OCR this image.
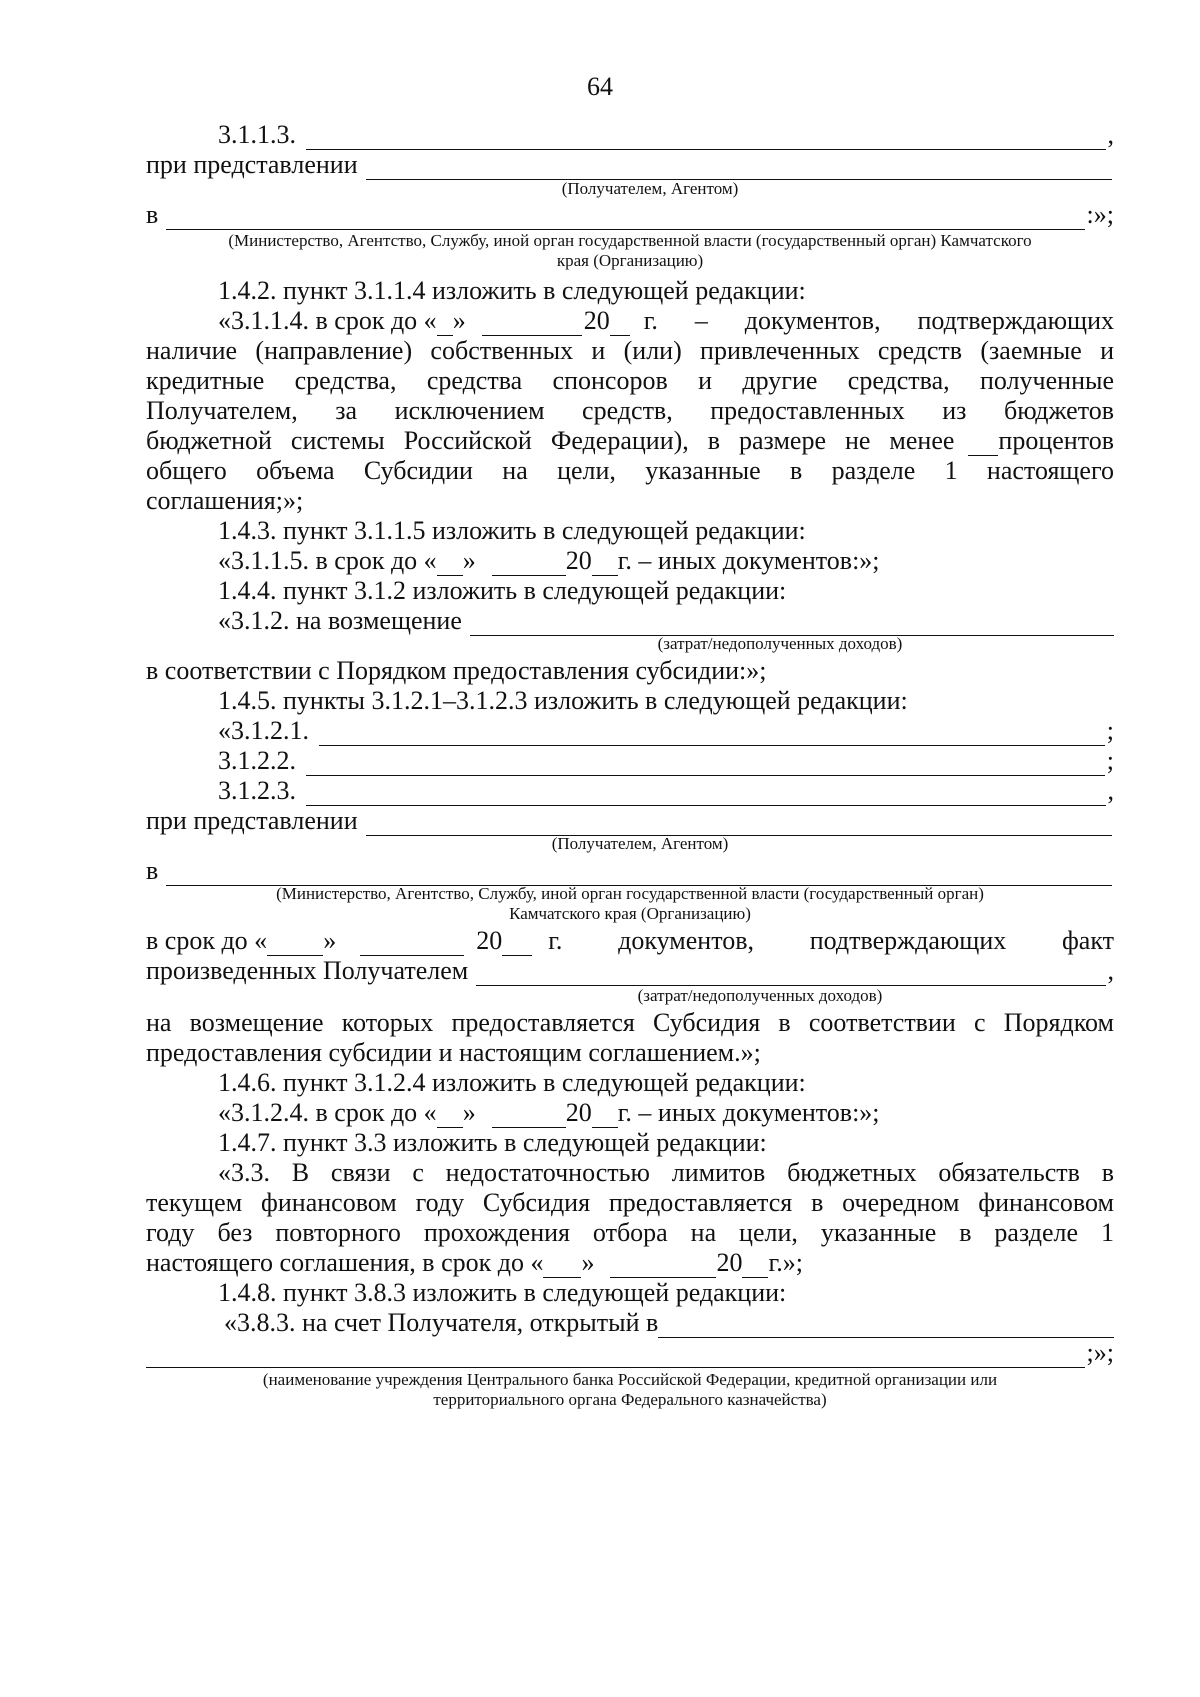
64
3.1.1.3.	,
при представлении
(Получателем, Агентом)
в	:»;
(Министерство, Агентство, Службу, иной орган государственной власти (государственный орган) Камчатского
края (Организацию)
1.4.2. пункт 3.1.1.4 изложить в следующей редакции:
«3.1.1.4. в срок до « »	20 г. – документов, подтверждающих
наличие (направление) собственных и (или) привлеченных средств (заемные и
кредитные средства, средства спонсоров и другие средства, полученные
Получателем, за исключением средств, предоставленных из бюджетов
бюджетной системы Российской Федерации), в размере не менее процентов
общего объема Субсидии на цели, указанные в разделе 1 настоящего
соглашения;»;
1.4.3. пункт 3.1.1.5 изложить в следующей редакции:
«3.1.1.5. в срок до « »	20 г. – иных документов:»;
1.4.4. пункт 3.1.2 изложить в следующей редакции:
«3.1.2. на возмещение
(затрат/недополученных доходов)
в соответствии с Порядком предоставления субсидии:»;
1.4.5. пункты 3.1.2.1–3.1.2.3 изложить в следующей редакции:
«3.1.2.1.	;
3.1.2.2.	;
3.1.2.3.	,
при представлении
(Получателем, Агентом)
в
(Министерство, Агентство, Службу, иной орган государственной власти (государственный орган)
Камчатского края (Организацию)
в срок до « »	20 г. документов, подтверждающих факт
произведенных Получателем	,
(затрат/недополученных доходов)
на возмещение которых предоставляется Субсидия в соответствии с Порядком
предоставления субсидии и настоящим соглашением.»;
1.4.6. пункт 3.1.2.4 изложить в следующей редакции:
«3.1.2.4. в срок до « »	20 г. – иных документов:»;
1.4.7. пункт 3.3 изложить в следующей редакции:
«3.3. В связи с недостаточностью лимитов бюджетных обязательств в
текущем финансовом году Субсидия предоставляется в очередном финансовом
году без повторного прохождения отбора на цели, указанные в разделе 1
настоящего соглашения, в срок до « »	20 г.»;
1.4.8. пункт 3.8.3 изложить в следующей редакции:
«3.8.3. на счет Получателя, открытый в
;»;
(наименование учреждения Центрального банка Российской Федерации, кредитной организации или
территориального органа Федерального казначейства)
